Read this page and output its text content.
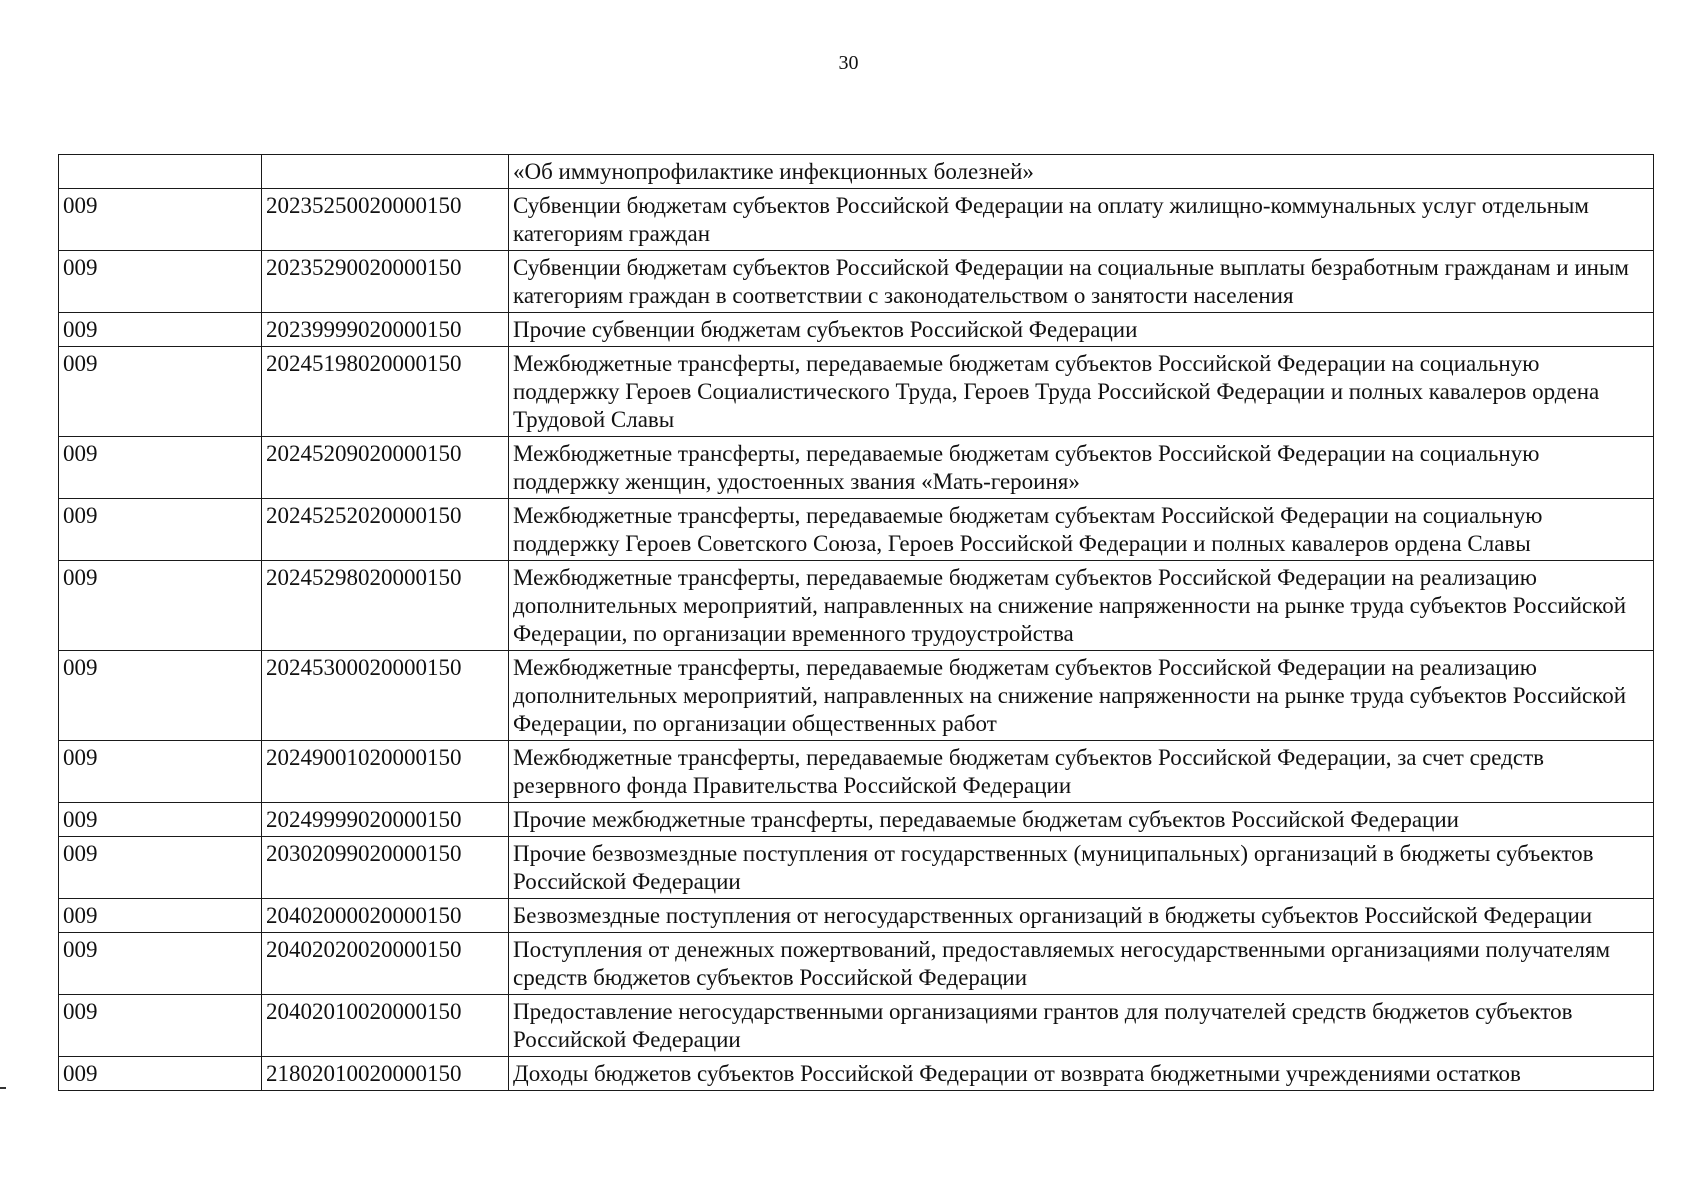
30
		«Об иммунопрофилактике инфекционных болезней»
009	20235250020000150	Субвенции бюджетам субъектов Российской Федерации на оплату жилищно-коммунальных услуг отдельным категориям граждан
009	20235290020000150	Субвенции бюджетам субъектов Российской Федерации на социальные выплаты безработным гражданам и иным категориям граждан в соответствии с законодательством о занятости населения
009	20239999020000150	Прочие субвенции бюджетам субъектов Российской Федерации
009	20245198020000150	Межбюджетные трансферты, передаваемые бюджетам субъектов Российской Федерации на социальную поддержку Героев Социалистического Труда, Героев Труда Российской Федерации и полных кавалеров ордена Трудовой Славы
009	20245209020000150	Межбюджетные трансферты, передаваемые бюджетам субъектов Российской Федерации на социальную поддержку женщин, удостоенных звания «Мать-героиня»
009	20245252020000150	Межбюджетные трансферты, передаваемые бюджетам субъектам Российской Федерации на социальную поддержку Героев Советского Союза, Героев Российской Федерации и полных кавалеров ордена Славы
009	20245298020000150	Межбюджетные трансферты, передаваемые бюджетам субъектов Российской Федерации на реализацию дополнительных мероприятий, направленных на снижение напряженности на рынке труда субъектов Российской Федерации, по организации временного трудоустройства
009	20245300020000150	Межбюджетные трансферты, передаваемые бюджетам субъектов Российской Федерации на реализацию дополнительных мероприятий, направленных на снижение напряженности на рынке труда субъектов Российской Федерации, по организации общественных работ
009	20249001020000150	Межбюджетные трансферты, передаваемые бюджетам субъектов Российской Федерации, за счет средств резервного фонда Правительства Российской Федерации
009	20249999020000150	Прочие межбюджетные трансферты, передаваемые бюджетам субъектов Российской Федерации
009	20302099020000150	Прочие безвозмездные поступления от государственных (муниципальных) организаций в бюджеты субъектов Российской Федерации
009	20402000020000150	Безвозмездные поступления от негосударственных организаций в бюджеты субъектов Российской Федерации
009	20402020020000150	Поступления от денежных пожертвований, предоставляемых негосударственными организациями получателям средств бюджетов субъектов Российской Федерации
009	20402010020000150	Предоставление негосударственными организациями грантов для получателей средств бюджетов субъектов Российской Федерации
009	21802010020000150	Доходы бюджетов субъектов Российской Федерации от возврата бюджетными учреждениями остатков
